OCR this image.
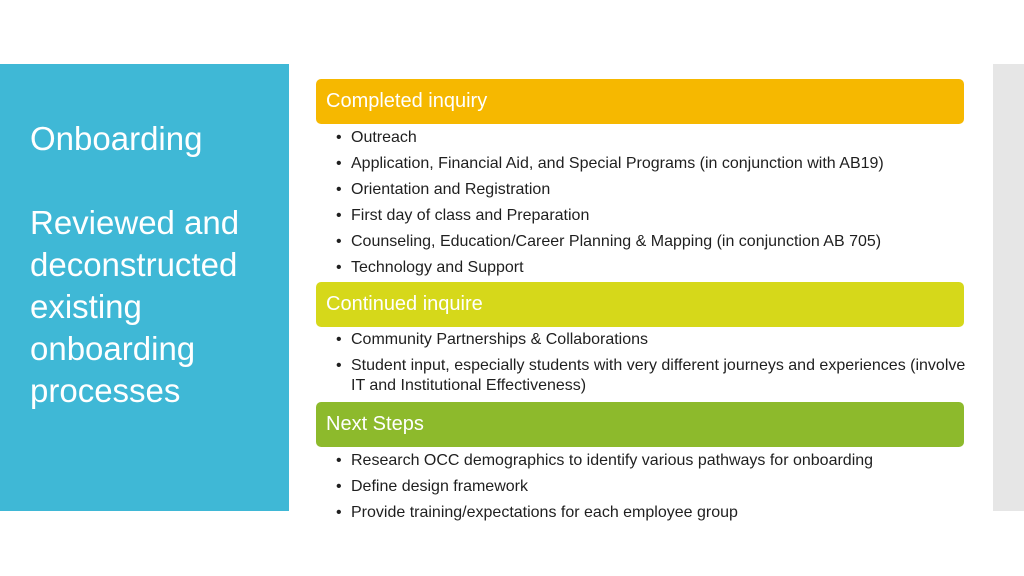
Onboarding
Reviewed and deconstructed existing onboarding processes
Completed inquiry
• Outreach
• Application, Financial Aid, and Special Programs (in conjunction with AB19)
• Orientation and Registration
• First day of class and Preparation
• Counseling, Education/Career Planning & Mapping (in conjunction AB 705)
• Technology and Support
Continued inquire
• Community Partnerships & Collaborations
• Student input, especially students with very different journeys and experiences (involve IT and Institutional Effectiveness)
Next Steps
• Research OCC demographics to identify various pathways for onboarding
• Define design framework
• Provide training/expectations for each employee group
